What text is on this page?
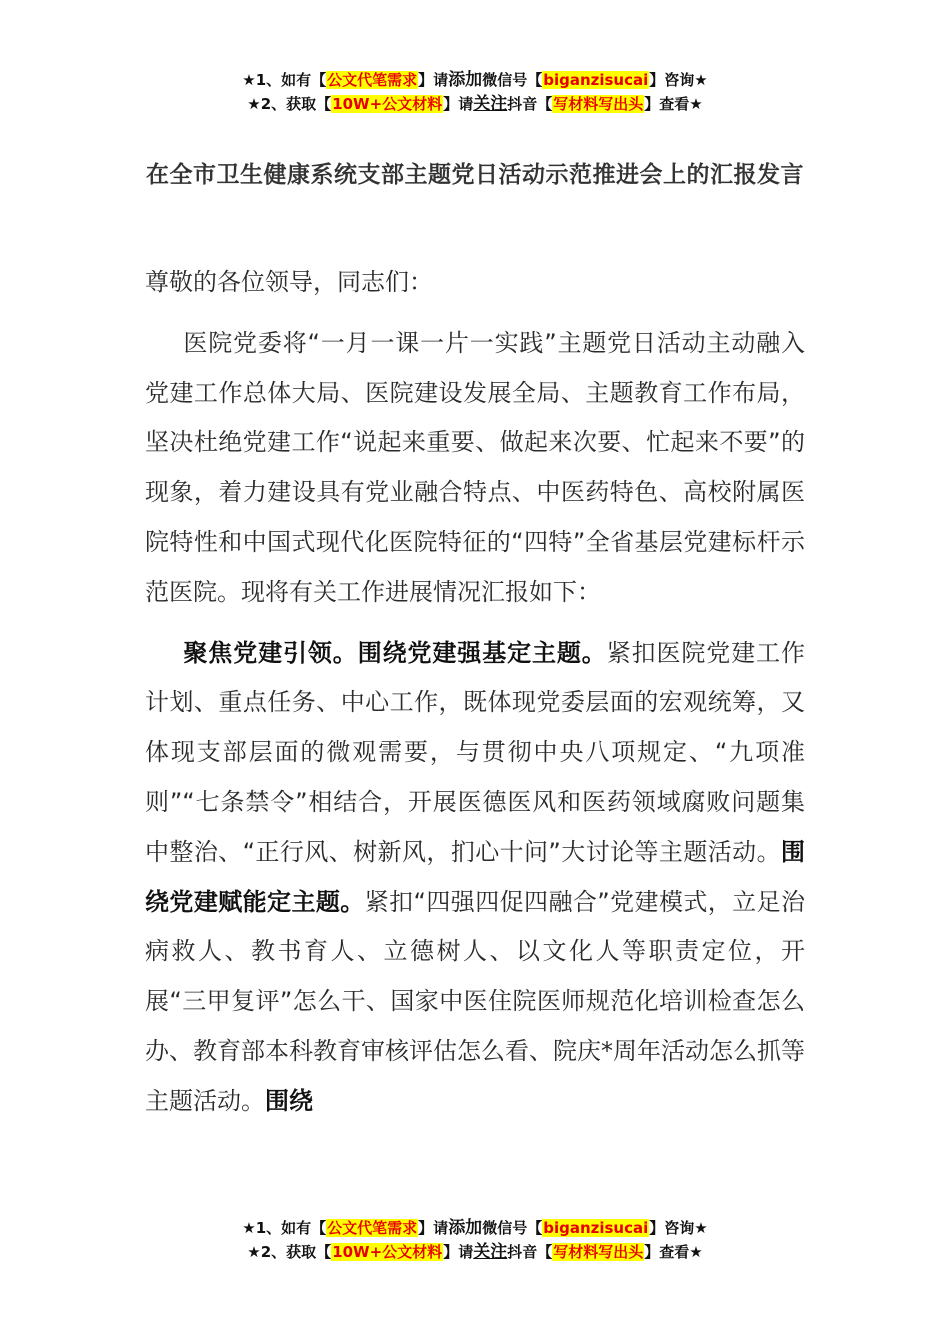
★1、如有【公文代笔需求】请添加微信号【biganzisucai】咨询★
★2、获取【10W+公文材料】请关注抖音【写材料写出头】查看★
在全市卫生健康系统支部主题党日活动示范推进会上的汇报发言

尊敬的各位领导，同志们：

医院党委将“一月一课一片一实践”主题党日活动主动融入党建工作总体大局、医院建设发展全局、主题教育工作布局，坚决杜绝党建工作“说起来重要、做起来次要、忙起来不要”的现象，着力建设具有党业融合特点、中医药特色、高校附属医院特性和中国式现代化医院特征的“四特”全省基层党建标杆示范医院。现将有关工作进展情况汇报如下：

聚焦党建引领。围绕党建强基定主题。紧扣医院党建工作计划、重点任务、中心工作，既体现党委层面的宏观统筹，又体现支部层面的微观需要，与贯彻中央八项规定、“九项准则”“七条禁令”相结合，开展医德医风和医药领域腐败问题集中整治、“正行风、树新风，扪心十问”大讨论等主题活动。围绕党建赋能定主题。紧扣“四强四促四融合”党建模式，立足治病救人、教书育人、立德树人、以文化人等职责定位，开展“三甲复评”怎么干、国家中医住院医师规范化培训检查怎么办、教育部本科教育审核评估怎么看、院庆*周年活动怎么抓等主题活动。围绕

★1、如有【公文代笔需求】请添加微信号【biganzisucai】咨询★
★2、获取【10W+公文材料】请关注抖音【写材料写出头】查看★
